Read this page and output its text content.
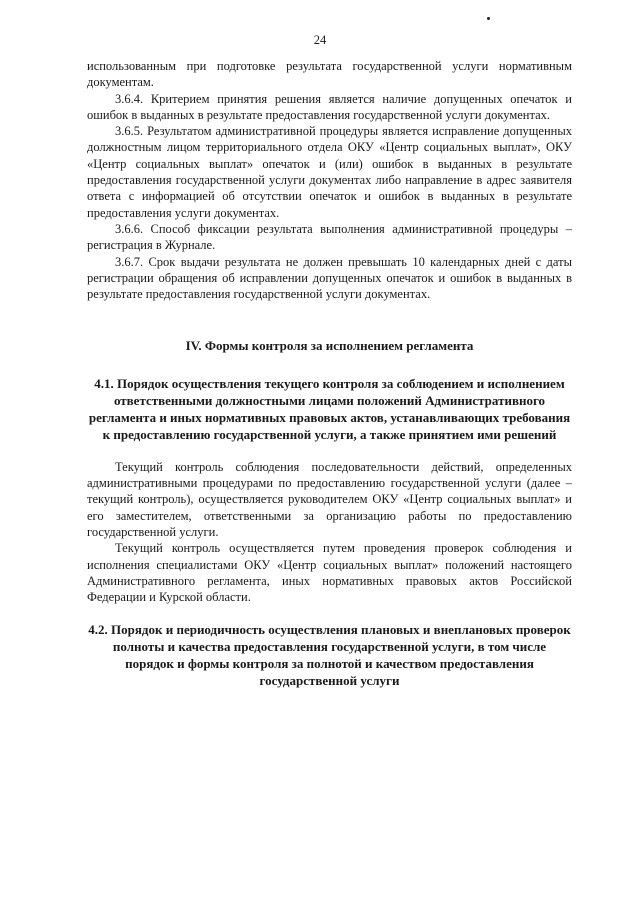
24

использованным при подготовке результата государственной услуги нормативным документам.

3.6.4. Критерием принятия решения является наличие допущенных опечаток и ошибок в выданных в результате предоставления государственной услуги документах.

3.6.5. Результатом административной процедуры является исправление допущенных должностным лицом территориального отдела ОКУ «Центр социальных выплат», ОКУ «Центр социальных выплат» опечаток и (или) ошибок в выданных в результате предоставления государственной услуги документах либо направление в адрес заявителя ответа с информацией об отсутствии опечаток и ошибок в выданных в результате предоставления услуги документах.

3.6.6. Способ фиксации результата выполнения административной процедуры – регистрация в Журнале.

3.6.7. Срок выдачи результата не должен превышать 10 календарных дней с даты регистрации обращения об исправлении допущенных опечаток и ошибок в выданных в результате предоставления государственной услуги документах.

IV. Формы контроля за исполнением регламента
4.1. Порядок осуществления текущего контроля за соблюдением и исполнением ответственными должностными лицами положений Административного регламента и иных нормативных правовых актов, устанавливающих требования к предоставлению государственной услуги, а также принятием ими решений

Текущий контроль соблюдения последовательности действий, определенных административными процедурами по предоставлению государственной услуги (далее – текущий контроль), осуществляется руководителем ОКУ «Центр социальных выплат» и его заместителем, ответственными за организацию работы по предоставлению государственной услуги.

Текущий контроль осуществляется путем проведения проверок соблюдения и исполнения специалистами ОКУ «Центр социальных выплат» положений настоящего Административного регламента, иных нормативных правовых актов Российской Федерации и Курской области.

4.2. Порядок и периодичность осуществления плановых и внеплановых проверок полноты и качества предоставления государственной услуги, в том числе порядок и формы контроля за полнотой и качеством предоставления государственной услуги
